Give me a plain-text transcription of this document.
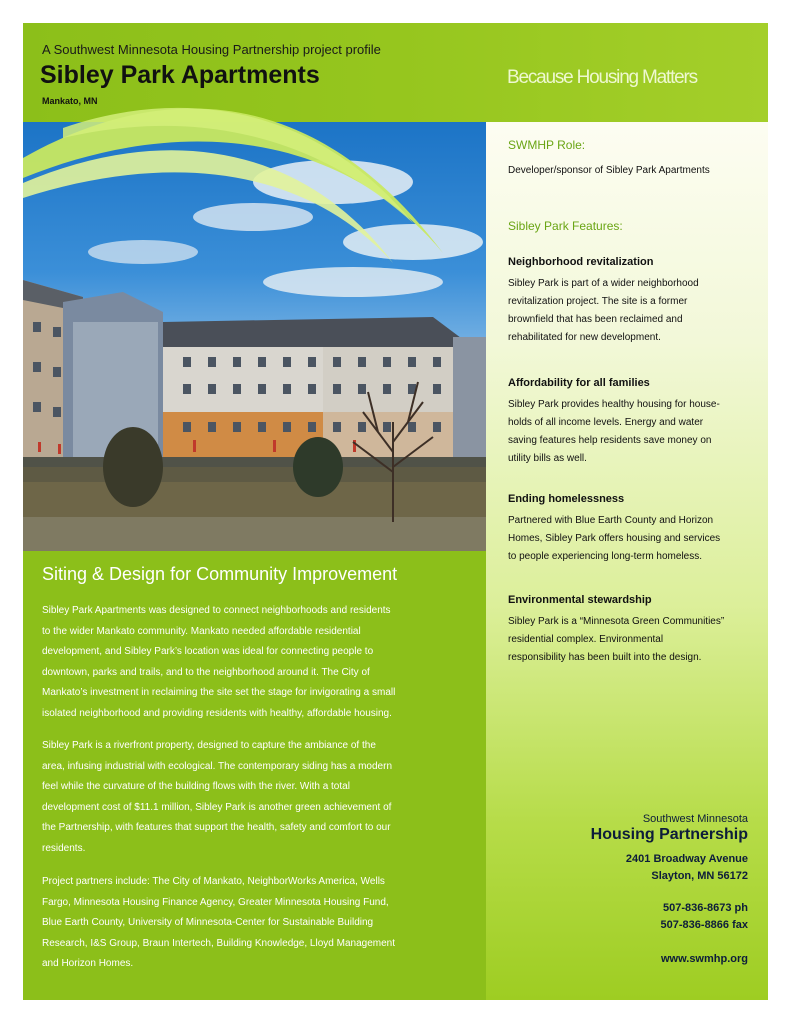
A Southwest Minnesota Housing Partnership project profile
Sibley Park Apartments
Mankato, MN
Because Housing Matters
SWMHP Role:
Developer/sponsor of Sibley Park Apartments
Sibley Park Features:
Neighborhood revitalization
Sibley Park is part of a wider neighborhood
revitalization project. The site is a former
brownfield that has been reclaimed and
rehabilitated for new development.
Affordability for all families
Sibley Park provides healthy housing for house-
holds of all income levels. Energy and water
saving features help residents save money on
utility bills as well.
Ending homelessness
Partnered with Blue Earth County and Horizon
Homes, Sibley Park offers housing and services
to people experiencing long-term homeless.
Environmental stewardship
Sibley Park is a “Minnesota Green Communities”
residential complex. Environmental
responsibility has been built into the design.
Siting & Design for Community Improvement
Sibley Park Apartments was designed to connect neighborhoods and residents
to the wider Mankato community. Mankato needed affordable residential
development, and Sibley Park’s location was ideal for connecting people to
downtown, parks and trails, and to the neighborhood around it. The City of
Mankato’s investment in reclaiming the site set the stage for invigorating a small
isolated neighborhood and providing residents with healthy, affordable housing.
Sibley Park is a riverfront property, designed to capture the ambiance of the
area, infusing industrial with ecological. The contemporary siding has a modern
feel while the curvature of the building flows with the river. With a total
development cost of $11.1 million, Sibley Park is another green achievement of
the Partnership, with features that support the health, safety and comfort to our
residents.
Project partners include: The City of Mankato, NeighborWorks America, Wells
Fargo, Minnesota Housing Finance Agency, Greater Minnesota Housing Fund,
Blue Earth County, University of Minnesota-Center for Sustainable Building
Research, I&S Group, Braun Intertech, Building Knowledge, Lloyd Management
and Horizon Homes.
Southwest Minnesota
Housing Partnership
2401 Broadway Avenue
Slayton, MN 56172
507-836-8673 ph
507-836-8866 fax
www.swmhp.org
